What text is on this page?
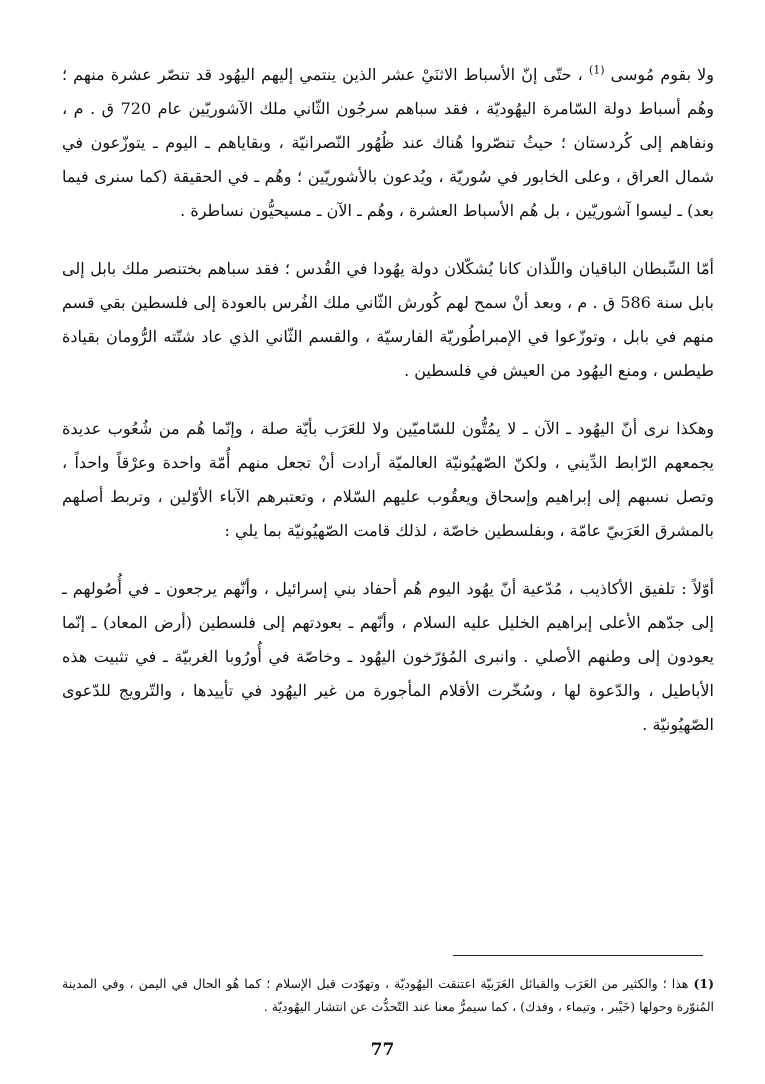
ولا بقوم مُوسى $^{(1)}$ ، حتّى إنّ الأسباط الاثنَيْ عشر الذين ينتمي إليهم اليهُود قد تنصّر عشرة منهم ؛ وهُم أسباط دولة السّامرة اليهُوديّة ، فقد سباهم سرجُون الثّاني ملك الآشوريّين عام 720 ق . م ، ونفاهم إلى كُردستان ؛ حيثُ تنصّروا هُناك عند ظُهُور النّصرانيّة ، وبقاياهم ـ اليوم ـ يتوزّعون في شمال العراق ، وعلى الخابور في سُوريّة ، ويُدعون بالأشوريّين ؛ وهُم ـ في الحقيقة (كما سنرى فيما بعد) ـ ليسوا آشوريّين ، بل هُم الأسباط العشرة ، وهُم ـ الآن ـ مسيحيُّون نساطرة .

أمّا السِّبطان الباقيان واللّذان كانا يُشكّلان دولة يهُودا في القُدس ؛ فقد سباهم بختنصر ملك بابل إلى بابل سنة 586 ق . م ، وبعد أنْ سمح لهم كُورش الثّاني ملك الفُرس بالعودة إلى فلسطين بقي قسم منهم في بابل ، وتوزّعوا في الإمبراطُوريّة الفارسيّة ، والقسم الثّاني الذي عاد شتّته الرُّومان بقيادة طيطس ، ومنع اليهُود من العيش في فلسطين .

وهكذا نرى أنّ اليهُود ـ الآن ـ لا يمُتُّون للسّاميّين ولا للعَرَب بأيّة صلة ، وإنّما هُم من شُعُوب عديدة يجمعهم الرّابط الدِّيني ، ولكنّ الصّهيُونيّة العالميّة أرادت أنْ تجعل منهم أُمّة واحدة وعرْقاً واحداً ، وتصل نسبهم إلى إبراهيم وإسحاق ويعقُوب عليهم السّلام ، وتعتبرهم الآباء الأوّلين ، وتربط أصلهم بالمشرق العَرَبيّ عامّة ، وبفلسطين خاصّة ، لذلك قامت الصّهيُونيّة بما يلي :

أوّلاً : تلفيق الأكاذيب ، مُدّعية أنّ يهُود اليوم هُم أحفاد بني إسرائيل ، وأنّهم يرجعون ـ في أُصُولهم ـ إلى جدّهم الأعلى إبراهيم الخليل عليه السلام ، وأنّهم ـ بعودتهم إلى فلسطين (أرض المعاد) ـ إنّما يعودون إلى وطنهم الأصلي . وانبرى المُؤرّخون اليهُود ـ وخاصّة في أُورُوبا الغربيّة ـ في تثبيت هذه الأباطيل ، والدّعوة لها ، وسُخّرت الأقلام المأجورة من غير اليهُود في تأييدها ، والتّرويج للدّعوى الصّهيُونيّة .

(1) هذا ؛ والكثير من العَرَب والقبائل العَرَبيّة اعتنقت اليهُوديّة ، وتهوّدت قبل الإسلام ؛ كما هُو الحال في اليمن ، وفي المدينة المُنوّرة وحولها (خَيْبر ، وتيماء ، وفدك) ، كما سيمرُّ معنا عند التّحدُّث عن انتشار اليهُوديّة .
77
